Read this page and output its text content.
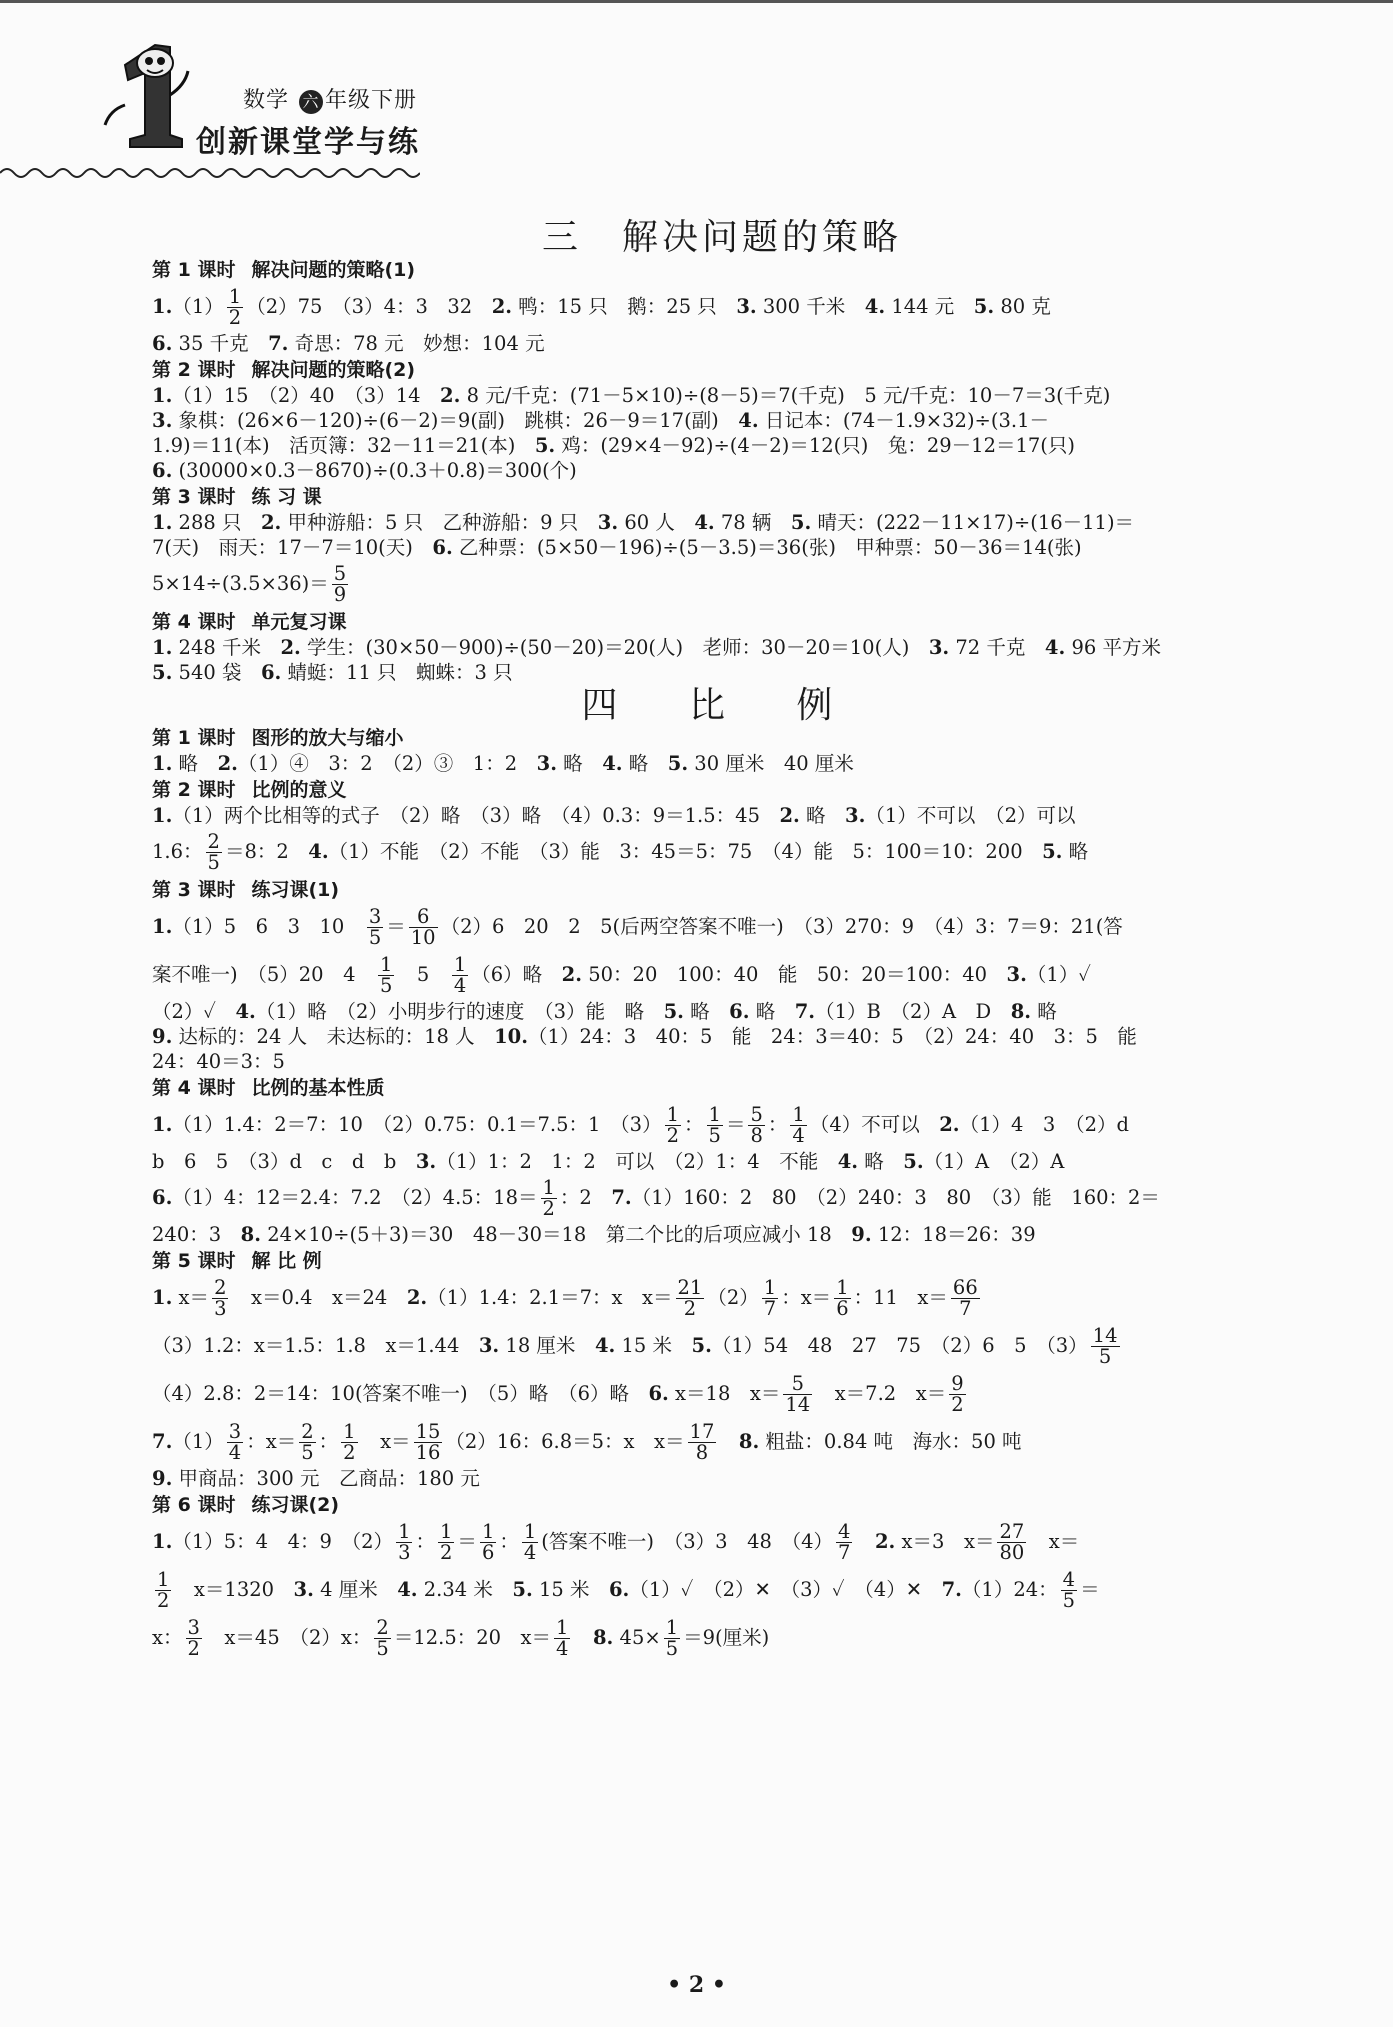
数学 六 年级下册
创新课堂学与练
三　解决问题的策略
第 1 课时 解决问题的策略(1)
$1.(1) \frac{1}{2} (2)75$　（3）4：3　32　2. 鸭：15 只　鹅：25 只　3. 300 千米　4. 144 元　5. 80 克
6. 35 千克　7. 奇思：78 元　妙想：104 元
第 2 课时 解决问题的策略(2)
1.（1）15　（2）40　（3）14　2. 8 元/千克：(71－5×10)÷(8－5)＝7(千克)　5 元/千克：10－7＝3(千克)
3. 象棋：(26×6－120)÷(6－2)＝9(副)　跳棋：26－9＝17(副)　4. 日记本：(74－1.9×32)÷(3.1－
1.9)＝11(本)　活页簿：32－11＝21(本)　5. 鸡：(29×4－92)÷(4－2)＝12(只)　兔：29－12＝17(只)
6. (30000×0.3－8670)÷(0.3＋0.8)＝300(个)
第 3 课时 练 习 课
1. 288 只　2. 甲种游船：5 只　乙种游船：9 只　3. 60 人　4. 78 辆　5. 晴天：(222－11×17)÷(16－11)＝
7(天)　雨天：17－7＝10(天)　6. 乙种票：(5×50－196)÷(5－3.5)＝36(张)　甲种票：50－36＝14(张)
$5\times 14\div(3.5\times 36)= \frac{5}{9}$
第 4 课时 单元复习课
1. 248 千米　2. 学生：(30×50－900)÷(50－20)＝20(人)　老师：30－20＝10(人)　3. 72 千克　4. 96 平方米
5. 540 袋　6. 蜻蜓：11 只　蜘蛛：3 只
四 比 例
第 1 课时 图形的放大与缩小
1. 略　2.（1）④　3：2　（2）③　1：2　3. 略　4. 略　5. 30 厘米　40 厘米
第 2 课时 比例的意义
1.（1）两个比相等的式子　（2）略　（3）略　（4）0.3：9＝1.5：45　2. 略　3.（1）不可以　（2）可以
1.6： $\frac{2}{5} =8$：2　4.（1）不能　（2）不能　（3）能　3：45＝5：75　（4）能　5：100＝10：200　5. 略
第 3 课时 练习课(1)
1.（1）5　6　3　10　 $\frac{3}{5} = \frac{6}{10} (2)6$　20　2　5(后两空答案不唯一)　（3）270：9　（4）3：7＝9：21(答
案不唯一)　（5）20　4　 $\frac{1}{5}$ 　5　 $\frac{1}{4} (6)$略　2. 50：20　100：40　能　50：20＝100：40　3.（1）✓
（2）✓　4.（1）略　（2）小明步行的速度　（3）能　略　5. 略　6. 略　7.（1）B　（2）A　D　8. 略
9. 达标的：24 人　未达标的：18 人　10.（1）24：3　40：5　能　24：3＝40：5　（2）24：40　3：5　能
24：40＝3：5
第 4 课时 比例的基本性质
1.（1）1.4：2＝7：10　（2）0.75：0.1＝7.5：1　$(3) \frac{1}{2}$ ： $\frac{1}{5} = \frac{5}{8}$ ： $\frac{1}{4} (4)$不可以　2.（1）4　3　（2）d
b　6　5　（3）d　c　d　b　3.（1）1：2　1：2　可以　（2）1：4　不能　4. 略　5.（1）A　（2）A
6.（1）4：12＝2.4：7.2　（2）4.5：$18= \frac{1}{2}$ ：2　7.（1）160：2　80　（2）240：3　80　（3）能　160：2＝
240：3　8. 24×10÷(5＋3)＝30　48－30＝18　第二个比的后项应减小 18　9. 12：18＝26：39
第 5 课时 解 比 例
1. $x= \frac{2}{3}$ 　x＝0.4　x＝24　2.（1）1.4：2.1＝7：x　$x= \frac{21}{2} (2) \frac{1}{7}$ ：$x= \frac{1}{6}$ ：11　$x= \frac{66}{7}$
（3）1.2：x＝1.5：1.8　x＝1.44　3. 18 厘米　4. 15 米　5.（1）54　48　27　75　（2）6　5　$(3) \frac{14}{5}$
（4）2.8：2＝14：10(答案不唯一)　（5）略　（6）略　6. x＝18　$x= \frac{5}{14}$ 　x＝7.2　$x= \frac{9}{2}$
$7.(1) \frac{3}{4}$ ：$x= \frac{2}{5}$ ： $\frac{1}{2}$ 　$x= \frac{15}{16} (2)16$：6.8＝5：x　$x= \frac{17}{8}$
　 8. 粗盐：0.84 吨　海水：50 吨
9. 甲商品：300 元　乙商品：180 元
第 6 课时 练习课(2)
1.（1）5：4　4：9　$(2) \frac{1}{3}$ ： $\frac{1}{2} = \frac{1}{6}$ ： $\frac{1}{4}$ (答案不唯一)　（3）3　48　$(4) \frac{4}{7}$
　 2. x＝3　$x= \frac{27}{80}$ 　x＝
$\frac{1}{2}$ 　x＝1320　3. 4 厘米　4. 2.34 米　5. 15 米　6.（1）✓　（2）✕　（3）✓　（4）✕　7.（1）24： $\frac{4}{5}$ ＝
x： $\frac{3}{2}$ 　x＝45　（2）x： $\frac{2}{5} =12.5$：20　$x= \frac{1}{4}$
　 8. $45\times \frac{1}{5} =9$(厘米)
• 2 •
